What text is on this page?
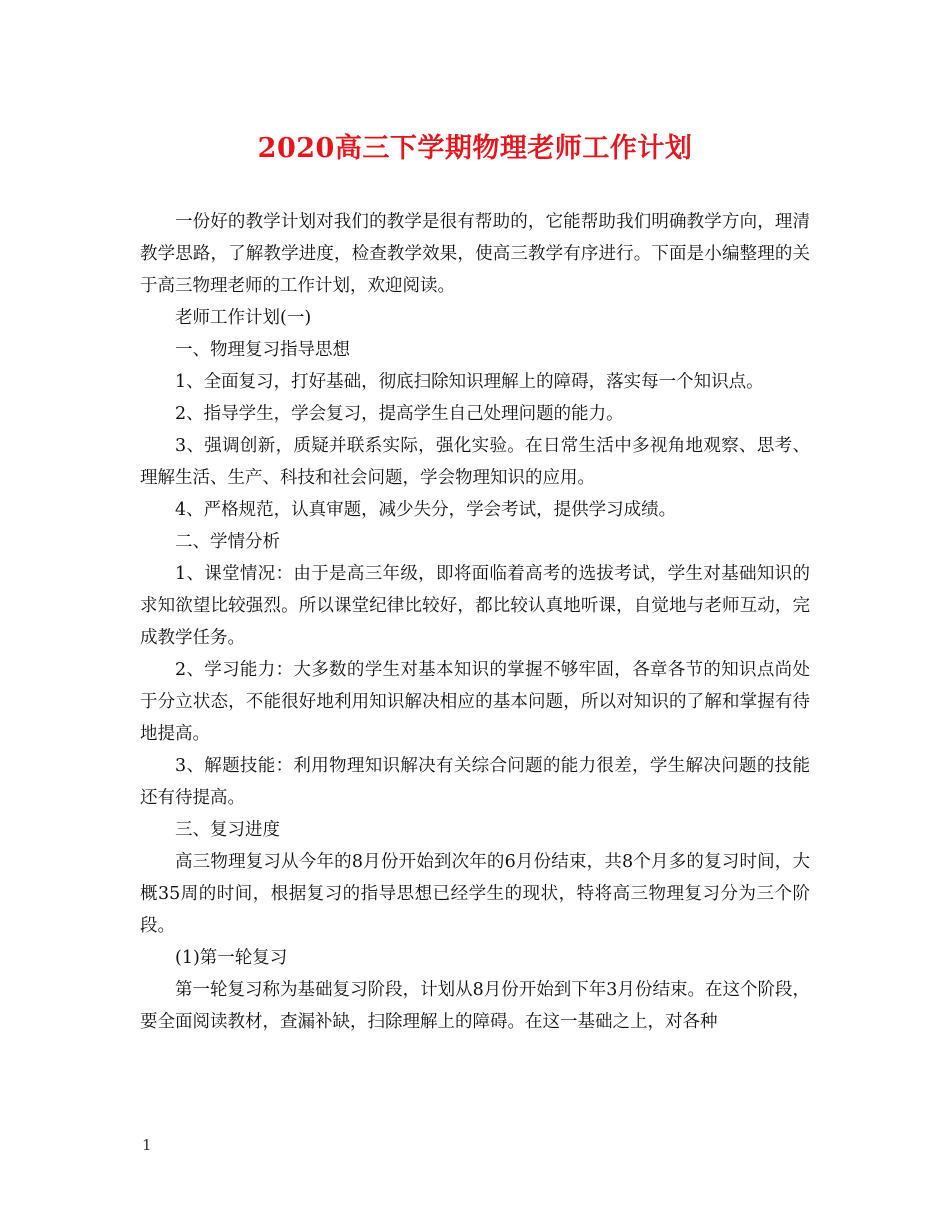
2020高三下学期物理老师工作计划

一份好的教学计划对我们的教学是很有帮助的，它能帮助我们明确教学方向，理清教学思路，了解教学进度，检查教学效果，使高三教学有序进行。下面是小编整理的关于高三物理老师的工作计划，欢迎阅读。

老师工作计划(一)

一、物理复习指导思想

1、全面复习，打好基础，彻底扫除知识理解上的障碍，落实每一个知识点。

2、指导学生，学会复习，提高学生自己处理问题的能力。

3、强调创新，质疑并联系实际，强化实验。在日常生活中多视角地观察、思考、理解生活、生产、科技和社会问题，学会物理知识的应用。

4、严格规范，认真审题，减少失分，学会考试，提供学习成绩。

二、学情分析

1、课堂情况：由于是高三年级，即将面临着高考的选拔考试，学生对基础知识的求知欲望比较强烈。所以课堂纪律比较好，都比较认真地听课，自觉地与老师互动，完成教学任务。

2、学习能力：大多数的学生对基本知识的掌握不够牢固，各章各节的知识点尚处于分立状态，不能很好地利用知识解决相应的基本问题，所以对知识的了解和掌握有待地提高。

3、解题技能：利用物理知识解决有关综合问题的能力很差，学生解决问题的技能还有待提高。

三、复习进度

高三物理复习从今年的8月份开始到次年的6月份结束，共8个月多的复习时间，大概35周的时间，根据复习的指导思想已经学生的现状，特将高三物理复习分为三个阶段。

(1)第一轮复习

第一轮复习称为基础复习阶段，计划从8月份开始到下年3月份结束。在这个阶段，要全面阅读教材，查漏补缺，扫除理解上的障碍。在这一基础之上，对各种

1
